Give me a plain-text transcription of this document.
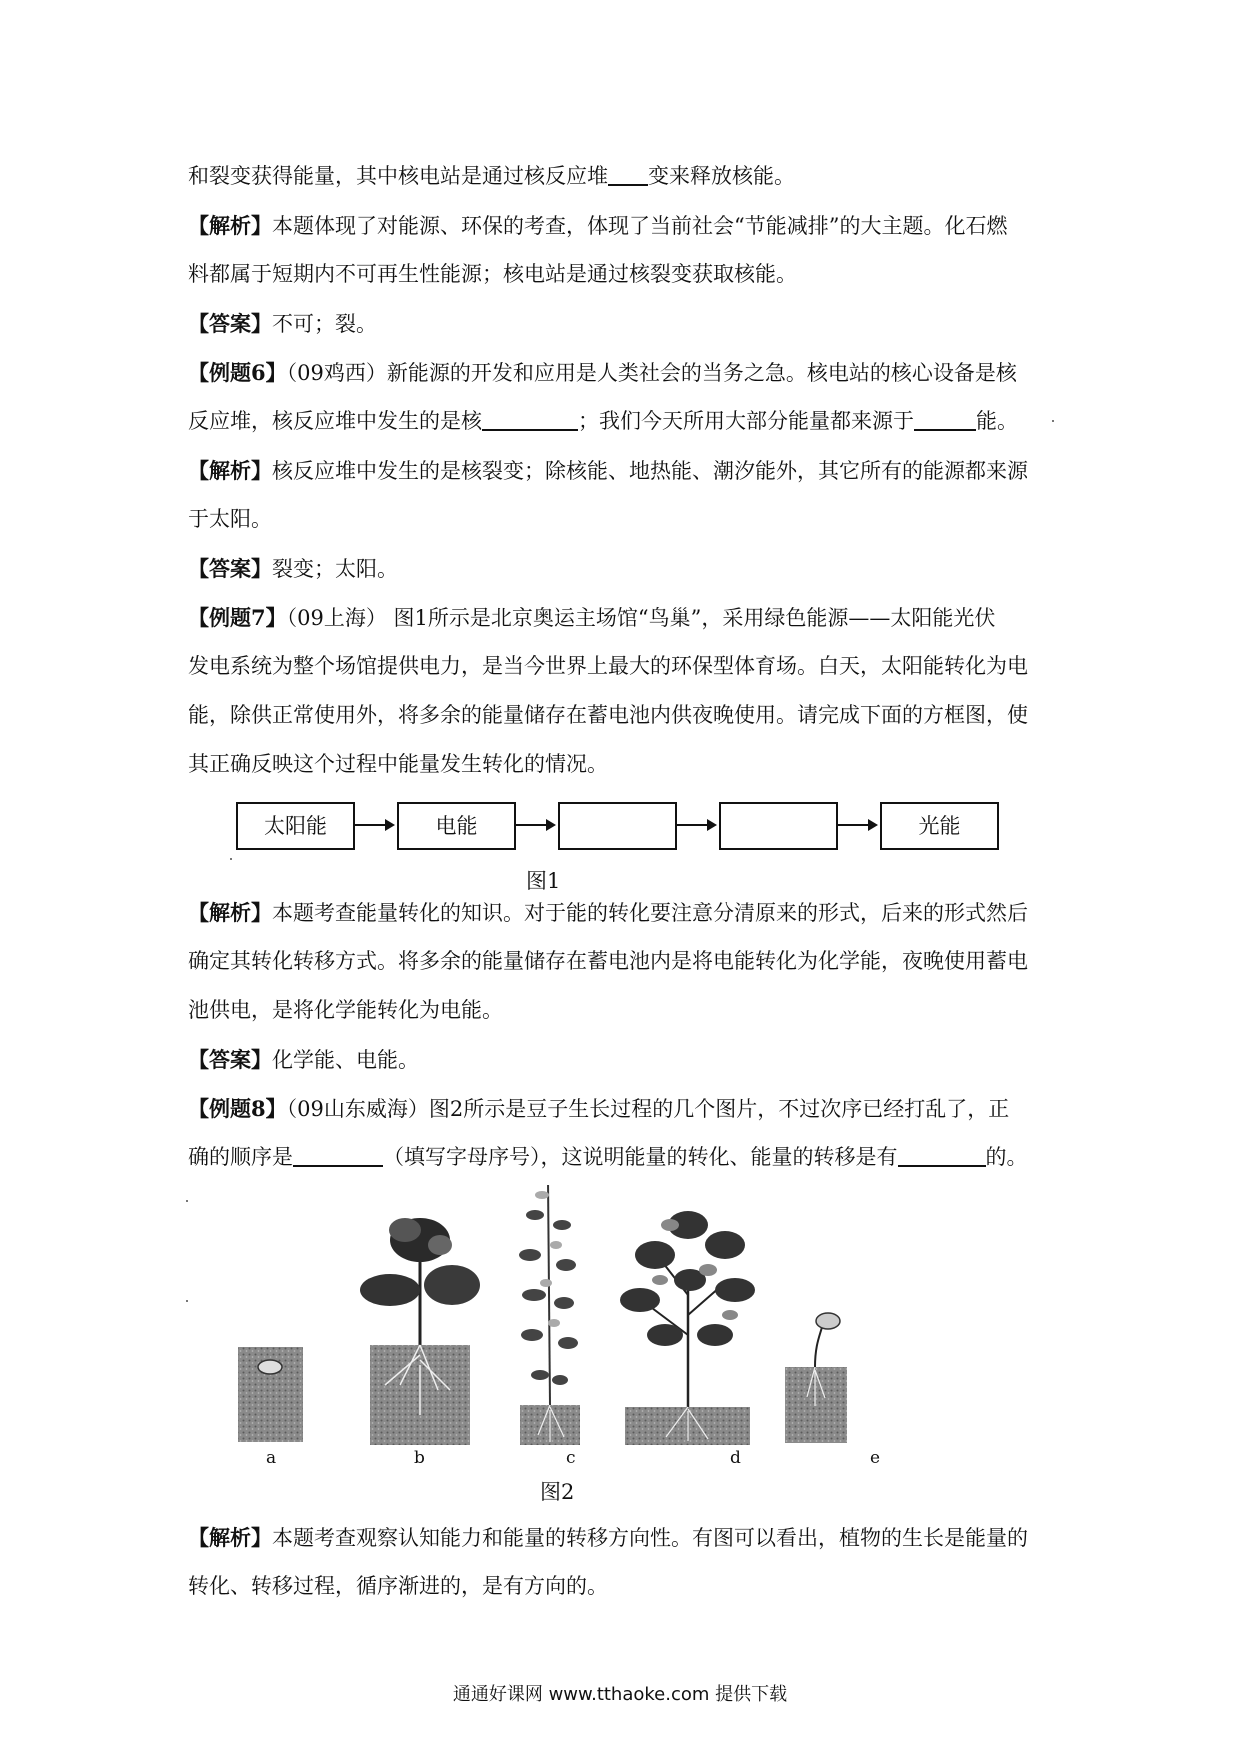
和裂变获得能量，其中核电站是通过核反应堆 变来释放核能。

【解析】本题体现了对能源、环保的考查，体现了当前社会“节能减排”的大主题。化石燃

料都属于短期内不可再生性能源；核电站是通过核裂变获取核能。

【答案】不可；裂。

【例题6】（09鸡西）新能源的开发和应用是人类社会的当务之急。核电站的核心设备是核

反应堆，核反应堆中发生的是核	；我们今天所用大部分能量都来源于	能。

【解析】核反应堆中发生的是核裂变；除核能、地热能、潮汐能外，其它所有的能源都来源

于太阳。

【答案】裂变；太阳。

【例题7】（09上海） 图1所示是北京奥运主场馆“鸟巢”，采用绿色能源——太阳能光伏

发电系统为整个场馆提供电力，是当今世界上最大的环保型体育场。白天，太阳能转化为电

能，除供正常使用外，将多余的能量储存在蓄电池内供夜晚使用。请完成下面的方框图，使

其正确反映这个过程中能量发生转化的情况。

太阳能	电能	光能
图1

【解析】本题考查能量转化的知识。对于能的转化要注意分清原来的形式，后来的形式然后

确定其转化转移方式。将多余的能量储存在蓄电池内是将电能转化为化学能，夜晚使用蓄电

池供电，是将化学能转化为电能。

【答案】化学能、电能。

【例题8】（09山东威海）图2所示是豆子生长过程的几个图片，不过次序已经打乱了，正

确的顺序是	（填写字母序号），这说明能量的转化、能量的转移是有	的。

a	b	c	d	e
图2

【解析】本题考查观察认知能力和能量的转移方向性。有图可以看出，植物的生长是能量的

转化、转移过程，循序渐进的，是有方向的。

通通好课网 www.tthaoke.com 提供下载
